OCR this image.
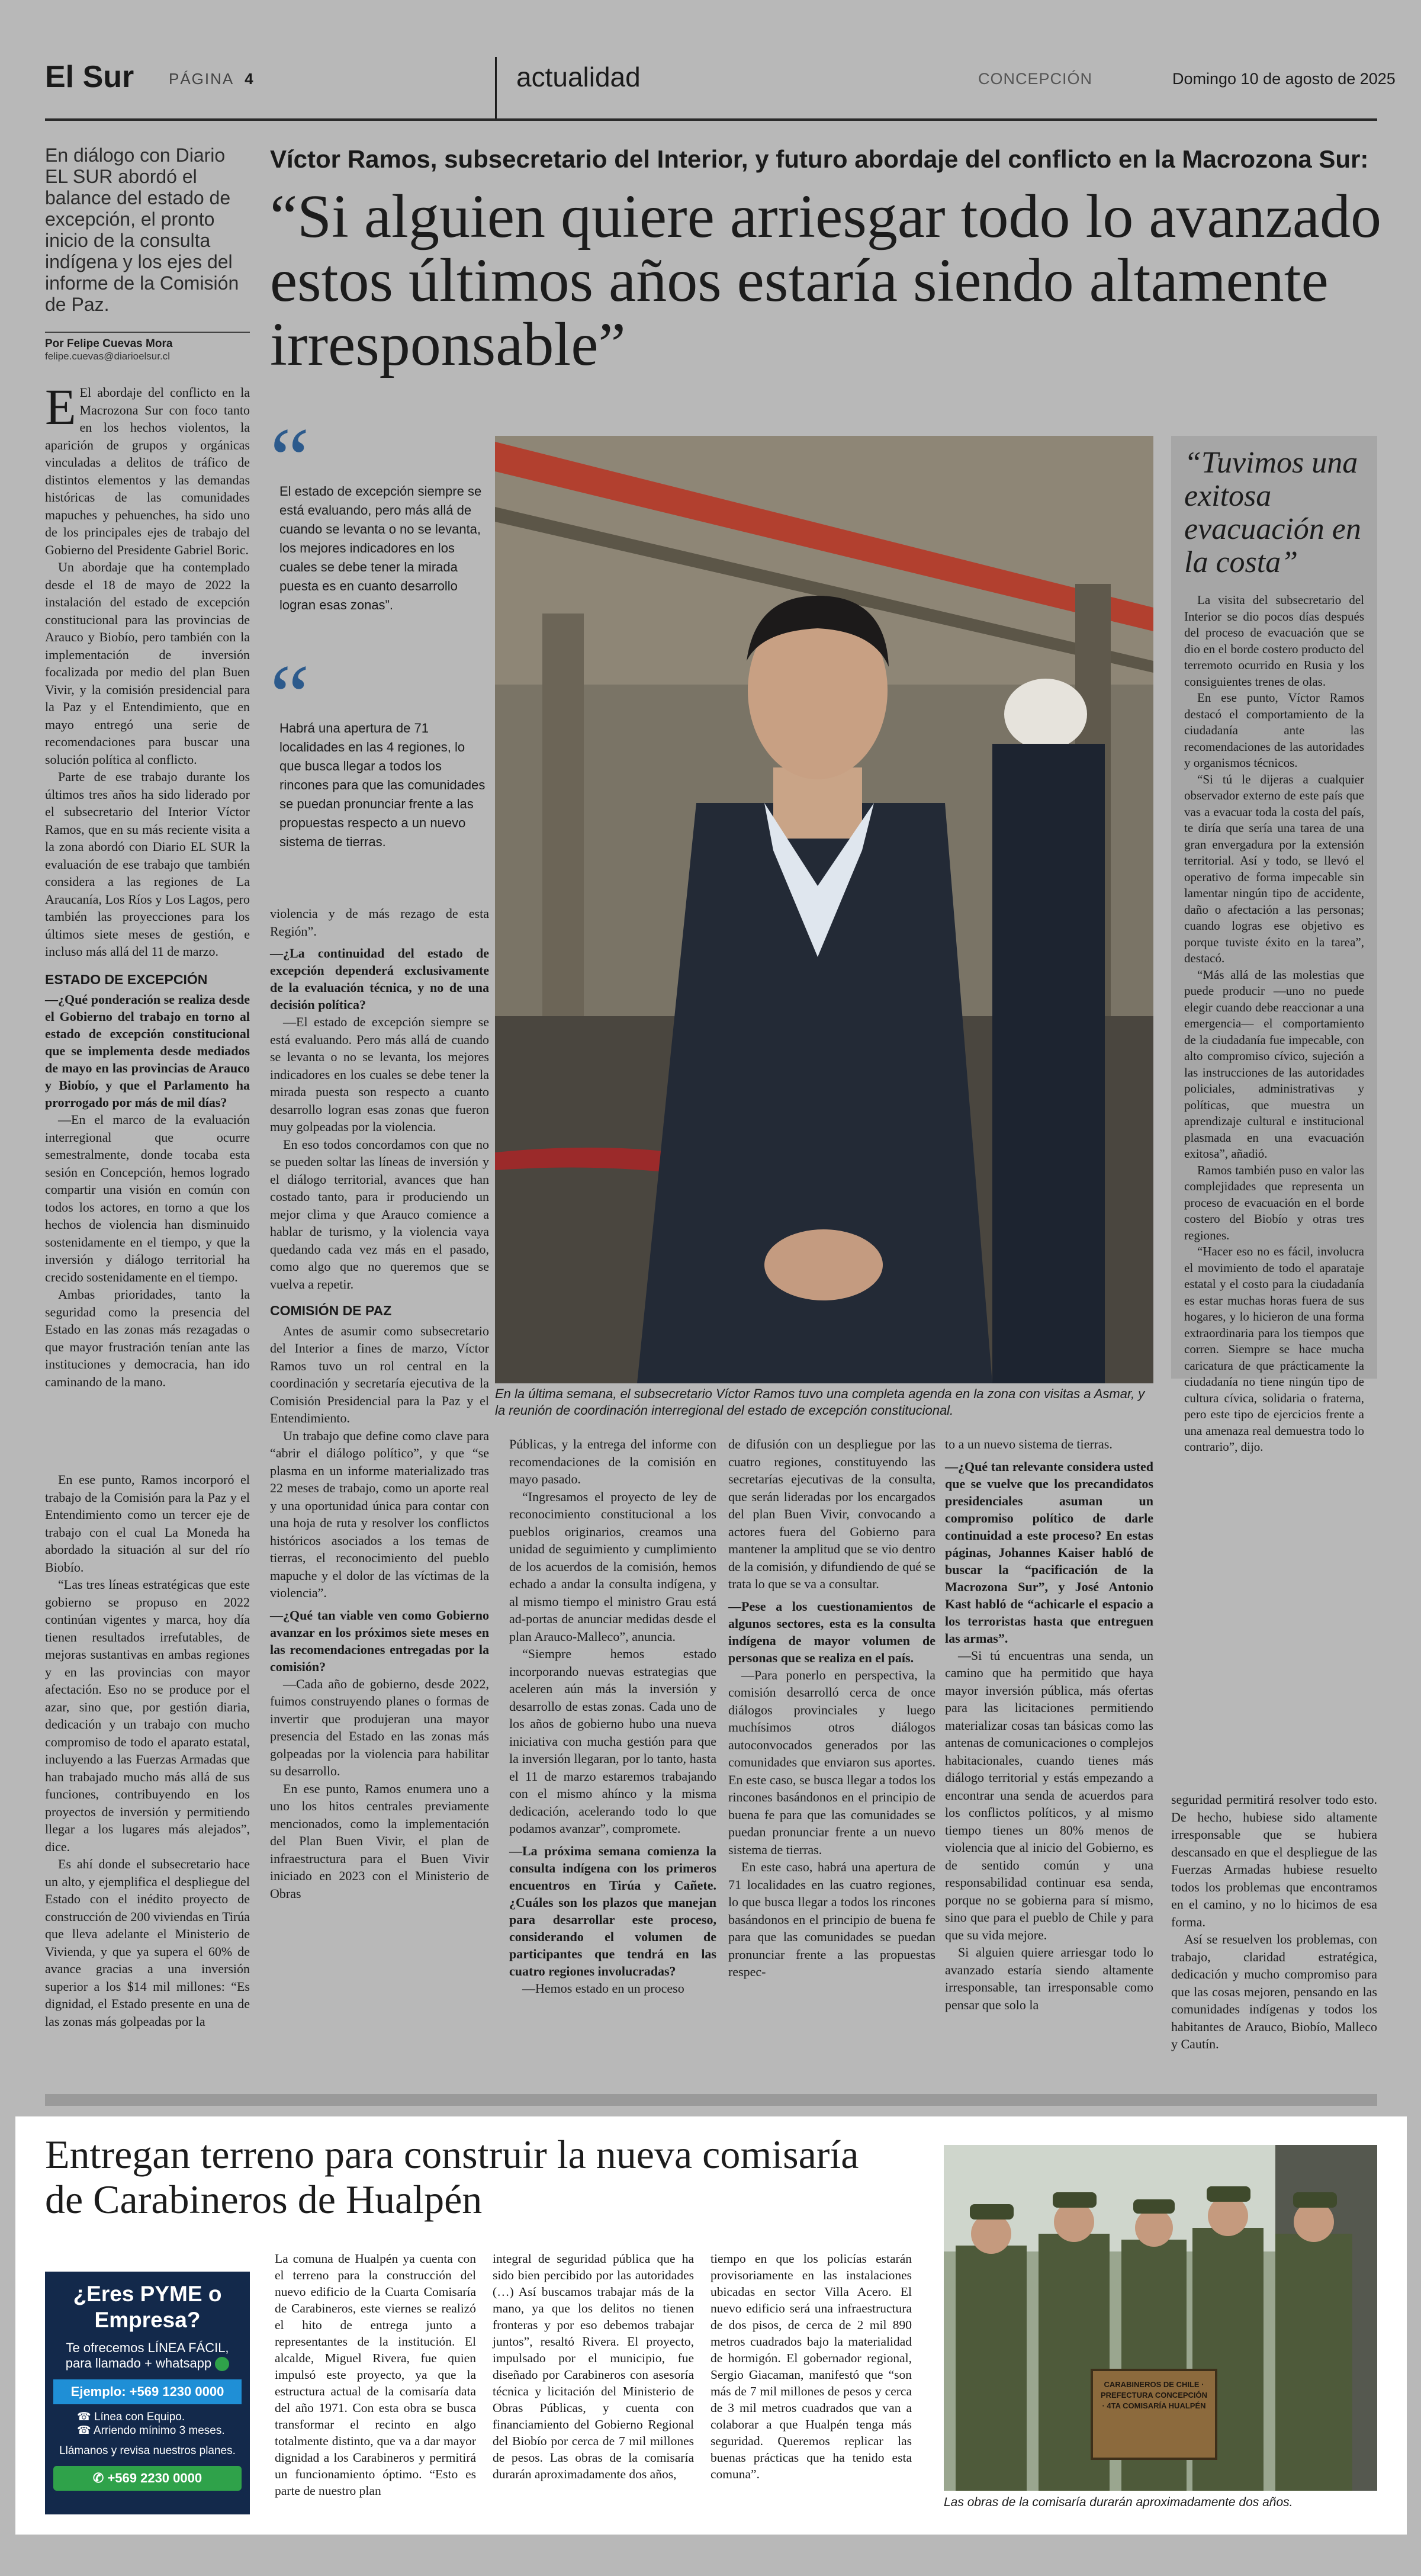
El Sur PÁGINA 4	actualidad	CONCEPCIÓN	Domingo 10 de agosto de 2025
En diálogo con Diario EL SUR abordó el balance del estado de excepción, el pronto inicio de la consulta indígena y los ejes del informe de la Comisión de Paz.
Por Felipe Cuevas Mora
felipe.cuevas@diarioelsur.cl
Víctor Ramos, subsecretario del Interior, y futuro abordaje del conflicto en la Macrozona Sur:
“Si alguien quiere arriesgar todo lo avanzado estos últimos años estaría siendo altamente irresponsable”

E El abordaje del conflicto en la Macrozona Sur con foco tanto en los hechos violentos, la aparición de grupos y orgánicas vinculadas a delitos de tráfico de distintos elementos y las demandas históricas de las comunidades mapuches y pehuenches, ha sido uno de los principales ejes de trabajo del Gobierno del Presidente Gabriel Boric.

Un abordaje que ha contemplado desde el 18 de mayo de 2022 la instalación del estado de excepción constitucional para las provincias de Arauco y Biobío, pero también con la implementación de inversión focalizada por medio del plan Buen Vivir, y la comisión presidencial para la Paz y el Entendimiento, que en mayo entregó una serie de recomendaciones para buscar una solución política al conflicto.

Parte de ese trabajo durante los últimos tres años ha sido liderado por el subsecretario del Interior Víctor Ramos, que en su más reciente visita a la zona abordó con Diario EL SUR la evaluación de ese trabajo que también considera a las regiones de La Araucanía, Los Ríos y Los Lagos, pero también las proyecciones para los últimos siete meses de gestión, e incluso más allá del 11 de marzo.

ESTADO DE EXCEPCIÓN

—¿Qué ponderación se realiza desde el Gobierno del trabajo en torno al estado de excepción constitucional que se implementa desde mediados de mayo en las provincias de Arauco y Biobío, y que el Parlamento ha prorrogado por más de mil días?

—En el marco de la evaluación interregional que ocurre semestralmente, donde tocaba esta sesión en Concepción, hemos logrado compartir una visión en común con todos los actores, en torno a que los hechos de violencia han disminuido sostenidamente en el tiempo, y que la inversión y diálogo territorial ha crecido sostenidamente en el tiempo.

Ambas prioridades, tanto la seguridad como la presencia del Estado en las zonas más rezagadas o que mayor frustración tenían ante las instituciones y democracia, han ido caminando de la mano.

En ese punto, Ramos incorporó el trabajo de la Comisión para la Paz y el Entendimiento como un tercer eje de trabajo con el cual La Moneda ha abordado la situación al sur del río Biobío.

“Las tres líneas estratégicas que este gobierno se propuso en 2022 continúan vigentes y marca, hoy día tienen resultados irrefutables, de mejoras sustantivas en ambas regiones y en las provincias con mayor afectación. Eso no se produce por el azar, sino que, por gestión diaria, dedicación y un trabajo con mucho compromiso de todo el aparato estatal, incluyendo a las Fuerzas Armadas que han trabajado mucho más allá de sus funciones, contribuyendo en los proyectos de inversión y permitiendo llegar a los lugares más alejados”, dice.

Es ahí donde el subsecretario hace un alto, y ejemplifica el despliegue del Estado con el inédito proyecto de construcción de 200 viviendas en Tirúa que lleva adelante el Ministerio de Vivienda, y que ya supera el 60% de avance gracias a una inversión superior a los $14 mil millones: “Es dignidad, el Estado presente en una de las zonas más golpeadas por la

“

El estado de excepción siempre se está evaluando, pero más allá de cuando se levanta o no se levanta, los mejores indicadores en los cuales se debe tener la mirada puesta es en cuanto desarrollo logran esas zonas”.

“

Habrá una apertura de 71 localidades en las 4 regiones, lo que busca llegar a todos los rincones para que las comunidades se puedan pronunciar frente a las propuestas respecto a un nuevo sistema de tierras.

violencia y de más rezago de esta Región”.

—¿La continuidad del estado de excepción dependerá exclusivamente de la evaluación técnica, y no de una decisión política?

—El estado de excepción siempre se está evaluando. Pero más allá de cuando se levanta o no se levanta, los mejores indicadores en los cuales se debe tener la mirada puesta son respecto a cuanto desarrollo logran esas zonas que fueron muy golpeadas por la violencia.

En eso todos concordamos con que no se pueden soltar las líneas de inversión y el diálogo territorial, avances que han costado tanto, para ir produciendo un mejor clima y que Arauco comience a hablar de turismo, y la violencia vaya quedando cada vez más en el pasado, como algo que no queremos que se vuelva a repetir.

COMISIÓN DE PAZ

Antes de asumir como subsecretario del Interior a fines de marzo, Víctor Ramos tuvo un rol central en la coordinación y secretaría ejecutiva de la Comisión Presidencial para la Paz y el Entendimiento.

Un trabajo que define como clave para “abrir el diálogo político”, y que “se plasma en un informe materializado tras 22 meses de trabajo, como un aporte real y una oportunidad única para contar con una hoja de ruta y resolver los conflictos históricos asociados a los temas de tierras, el reconocimiento del pueblo mapuche y el dolor de las víctimas de la violencia”.

—¿Qué tan viable ven como Gobierno avanzar en los próximos siete meses en las recomendaciones entregadas por la comisión?

—Cada año de gobierno, desde 2022, fuimos construyendo planes o formas de invertir que produjeran una mayor presencia del Estado en las zonas más golpeadas por la violencia para habilitar su desarrollo.

En ese punto, Ramos enumera uno a uno los hitos centrales previamente mencionados, como la implementación del Plan Buen Vivir, el plan de infraestructura para el Buen Vivir iniciado en 2023 con el Ministerio de Obras

En la última semana, el subsecretario Víctor Ramos tuvo una completa agenda en la zona con visitas a Asmar, y la reunión de coordinación interregional del estado de excepción constitucional.

Públicas, y la entrega del informe con recomendaciones de la comisión en mayo pasado.

“Ingresamos el proyecto de ley de reconocimiento constitucional a los pueblos originarios, creamos una unidad de seguimiento y cumplimiento de los acuerdos de la comisión, hemos echado a andar la consulta indígena, y al mismo tiempo el ministro Grau está ad-portas de anunciar medidas desde el plan Arauco-Malleco”, anuncia.

“Siempre hemos estado incorporando nuevas estrategias que aceleren aún más la inversión y desarrollo de estas zonas. Cada uno de los años de gobierno hubo una nueva iniciativa con mucha gestión para que la inversión llegaran, por lo tanto, hasta el 11 de marzo estaremos trabajando con el mismo ahínco y la misma dedicación, acelerando todo lo que podamos avanzar”, compromete.

—La próxima semana comienza la consulta indígena con los primeros encuentros en Tirúa y Cañete. ¿Cuáles son los plazos que manejan para desarrollar este proceso, considerando el volumen de participantes que tendrá en las cuatro regiones involucradas?

—Hemos estado en un proceso

de difusión con un despliegue por las cuatro regiones, constituyendo las secretarías ejecutivas de la consulta, que serán lideradas por los encargados del plan Buen Vivir, convocando a actores fuera del Gobierno para mantener la amplitud que se vio dentro de la comisión, y difundiendo de qué se trata lo que se va a consultar.

—Pese a los cuestionamientos de algunos sectores, esta es la consulta indígena de mayor volumen de personas que se realiza en el país.

—Para ponerlo en perspectiva, la comisión desarrolló cerca de once diálogos provinciales y luego muchísimos otros diálogos autoconvocados generados por las comunidades que enviaron sus aportes. En este caso, se busca llegar a todos los rincones basándonos en el principio de buena fe para que las comunidades se puedan pronunciar frente a un nuevo sistema de tierras.

En este caso, habrá una apertura de 71 localidades en las cuatro regiones, lo que busca llegar a todos los rincones basándonos en el principio de buena fe para que las comunidades se puedan pronunciar frente a las propuestas respec-

to a un nuevo sistema de tierras.

—¿Qué tan relevante considera usted que se vuelve que los precandidatos presidenciales asuman un compromiso político de darle continuidad a este proceso? En estas páginas, Johannes Kaiser habló de buscar la “pacificación de la Macrozona Sur”, y José Antonio Kast habló de “achicarle el espacio a los terroristas hasta que entreguen las armas”.

—Si tú encuentras una senda, un camino que ha permitido que haya mayor inversión pública, más ofertas para las licitaciones permitiendo materializar cosas tan básicas como las antenas de comunicaciones o complejos habitacionales, cuando tienes más diálogo territorial y estás empezando a encontrar una senda de acuerdos para los conflictos políticos, y al mismo tiempo tienes un 80% menos de violencia que al inicio del Gobierno, es de sentido común y una responsabilidad continuar esa senda, porque no se gobierna para sí mismo, sino que para el pueblo de Chile y para que su vida mejore.

Si alguien quiere arriesgar todo lo avanzado estaría siendo altamente irresponsable, tan irresponsable como pensar que solo la

“Tuvimos una exitosa evacuación en la costa”

La visita del subsecretario del Interior se dio pocos días después del proceso de evacuación que se dio en el borde costero producto del terremoto ocurrido en Rusia y los consiguientes trenes de olas.

En ese punto, Víctor Ramos destacó el comportamiento de la ciudadanía ante las recomendaciones de las autoridades y organismos técnicos.

“Si tú le dijeras a cualquier observador externo de este país que vas a evacuar toda la costa del país, te diría que sería una tarea de una gran envergadura por la extensión territorial. Así y todo, se llevó el operativo de forma impecable sin lamentar ningún tipo de accidente, daño o afectación a las personas; cuando logras ese objetivo es porque tuviste éxito en la tarea”, destacó.

“Más allá de las molestias que puede producir —uno no puede elegir cuando debe reaccionar a una emergencia— el comportamiento de la ciudadanía fue impecable, con alto compromiso cívico, sujeción a las instrucciones de las autoridades policiales, administrativas y políticas, que muestra un aprendizaje cultural e institucional plasmada en una evacuación exitosa”, añadió.

Ramos también puso en valor las complejidades que representa un proceso de evacuación en el borde costero del Biobío y otras tres regiones.

“Hacer eso no es fácil, involucra el movimiento de todo el aparataje estatal y el costo para la ciudadanía es estar muchas horas fuera de sus hogares, y lo hicieron de una forma extraordinaria para los tiempos que corren. Siempre se hace mucha caricatura de que prácticamente la ciudadanía no tiene ningún tipo de cultura cívica, solidaria o fraterna, pero este tipo de ejercicios frente a una amenaza real demuestra todo lo contrario”, dijo.

seguridad permitirá resolver todo esto. De hecho, hubiese sido altamente irresponsable que se hubiera descansado en que el despliegue de las Fuerzas Armadas hubiese resuelto todos los problemas que encontramos en el camino, y no lo hicimos de esa forma.

Así se resuelven los problemas, con trabajo, claridad estratégica, dedicación y mucho compromiso para que las cosas mejoren, pensando en las comunidades indígenas y todos los habitantes de Arauco, Biobío, Malleco y Cautín.

Entregan terreno para construir la nueva comisaría de Carabineros de Hualpén
¿Eres PYME o Empresa?
Te ofrecemos LÍNEA FÁCIL,
para llamado + whatsapp
Ejemplo: +569 1230 0000
☎ Línea con Equipo.
☎ Arriendo mínimo 3 meses.
Llámanos y revisa nuestros planes.
✆ +569 2230 0000
La comuna de Hualpén ya cuenta con el terreno para la construcción del nuevo edificio de la Cuarta Comisaría de Carabineros, este viernes se realizó el hito de entrega junto a representantes de la institución. El alcalde, Miguel Rivera, fue quien impulsó este proyecto, ya que la estructura actual de la comisaría data del año 1971. Con esta obra se busca transformar el recinto en algo totalmente distinto, que va a dar mayor dignidad a los Carabineros y permitirá un funcionamiento óptimo. “Esto es parte de nuestro plan
integral de seguridad pública que ha sido bien percibido por las autoridades (…) Así buscamos trabajar más de la mano, ya que los delitos no tienen fronteras y por eso debemos trabajar juntos”, resaltó Rivera. El proyecto, impulsado por el municipio, fue diseñado por Carabineros con asesoría técnica y licitación del Ministerio de Obras Públicas, y cuenta con financiamiento del Gobierno Regional del Biobío por cerca de 7 mil millones de pesos. Las obras de la comisaría durarán aproximadamente dos años,
tiempo en que los policías estarán provisoriamente en las instalaciones ubicadas en sector Villa Acero. El nuevo edificio será una infraestructura de dos pisos, de cerca de 2 mil 890 metros cuadrados bajo la materialidad de hormigón. El gobernador regional, Sergio Giacaman, manifestó que “son más de 7 mil millones de pesos y cerca de 3 mil metros cuadrados que van a colaborar a que Hualpén tenga más seguridad. Queremos replicar las buenas prácticas que ha tenido esta comuna”.
CARABINEROS DE CHILE · PREFECTURA CONCEPCIÓN · 4TA COMISARÍA HUALPÉN
Las obras de la comisaría durarán aproximadamente dos años.
